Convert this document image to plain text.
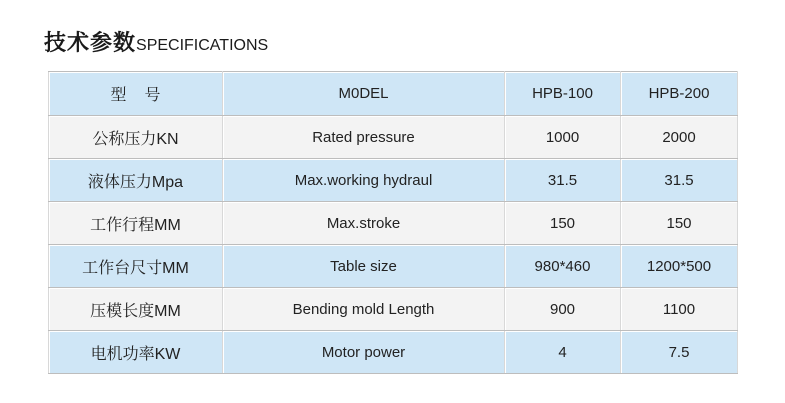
技术参数 SPECIFICATIONS
型号	M0DEL	HPB-100	HPB-200
公称压力KN	Rated pressure	1000	2000
液体压力Mpa	Max.working hydraul	31.5	31.5
工作行程MM	Max.stroke	150	150
工作台尺寸MM	Table size	980*460	1200*500
压模长度MM	Bending mold Length	900	1100
电机功率KW	Motor power	4	7.5
